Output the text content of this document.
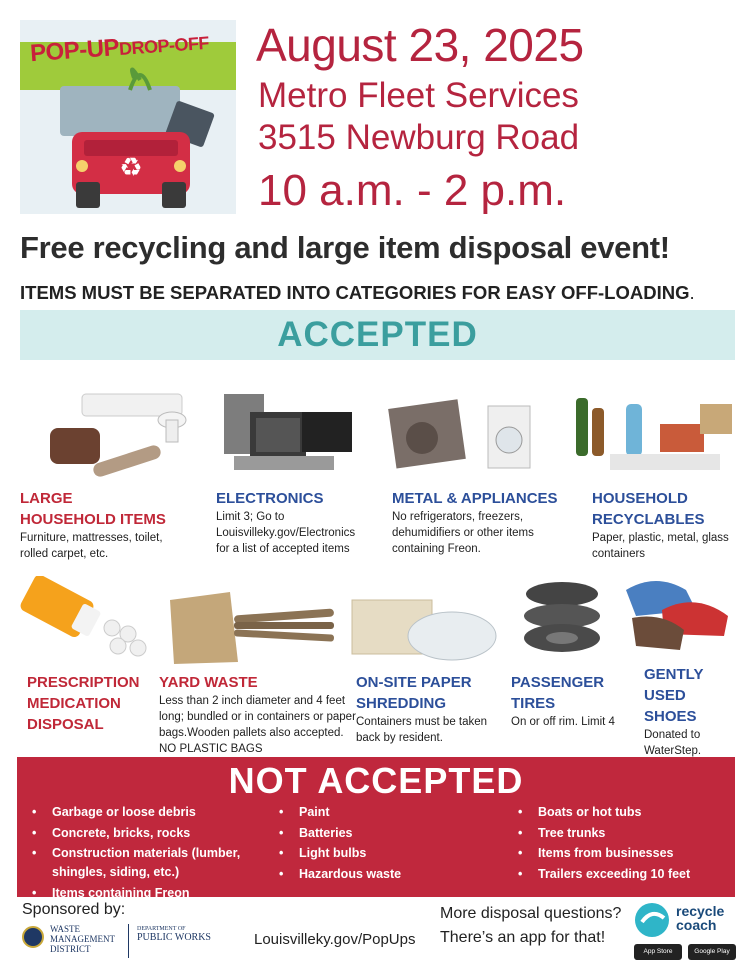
POP-UPDROP-OFF
♻
August 23, 2025
Metro Fleet Services
3515 Newburg Road
10 a.m. - 2 p.m.
Free recycling and large item disposal event!
ITEMS MUST BE SEPARATED INTO CATEGORIES FOR EASY OFF-LOADING.
ACCEPTED
LARGE
HOUSEHOLD ITEMS
Furniture, mattresses, toilet,
rolled carpet, etc.
ELECTRONICS
Limit 3; Go to
Louisvilleky.gov/Electronics
for a list of accepted items
METAL & APPLIANCES
No refrigerators, freezers,
dehumidifiers or other items
containing Freon.
HOUSEHOLD
RECYCLABLES
Paper, plastic, metal, glass
containers
PRESCRIPTION
MEDICATION
DISPOSAL
YARD WASTE
Less than 2 inch diameter and 4 feet
long; bundled or in containers or paper
bags.Wooden pallets also accepted.
NO PLASTIC BAGS
ON-SITE PAPER
SHREDDING
Containers must be taken
back by resident.
PASSENGER
TIRES
On or off rim. Limit 4
GENTLY
USED
SHOES
Donated to
WaterStep.
NOT ACCEPTED
• Garbage or loose debris
• Concrete, bricks, rocks
• Construction materials (lumber,
shingles, siding, etc.)
• Items containing Freon
• Paint
• Batteries
• Light bulbs
• Hazardous waste
• Boats or hot tubs
• Tree trunks
• Items from businesses
• Trailers exceeding 10 feet
Sponsored by:
WASTE
MANAGEMENT
DISTRICT
DEPARTMENT OF
PUBLIC WORKS	Louisvilleky.gov/PopUps
More disposal questions?
There’s an app for that!
recycle
coach
App Store	Google Play
